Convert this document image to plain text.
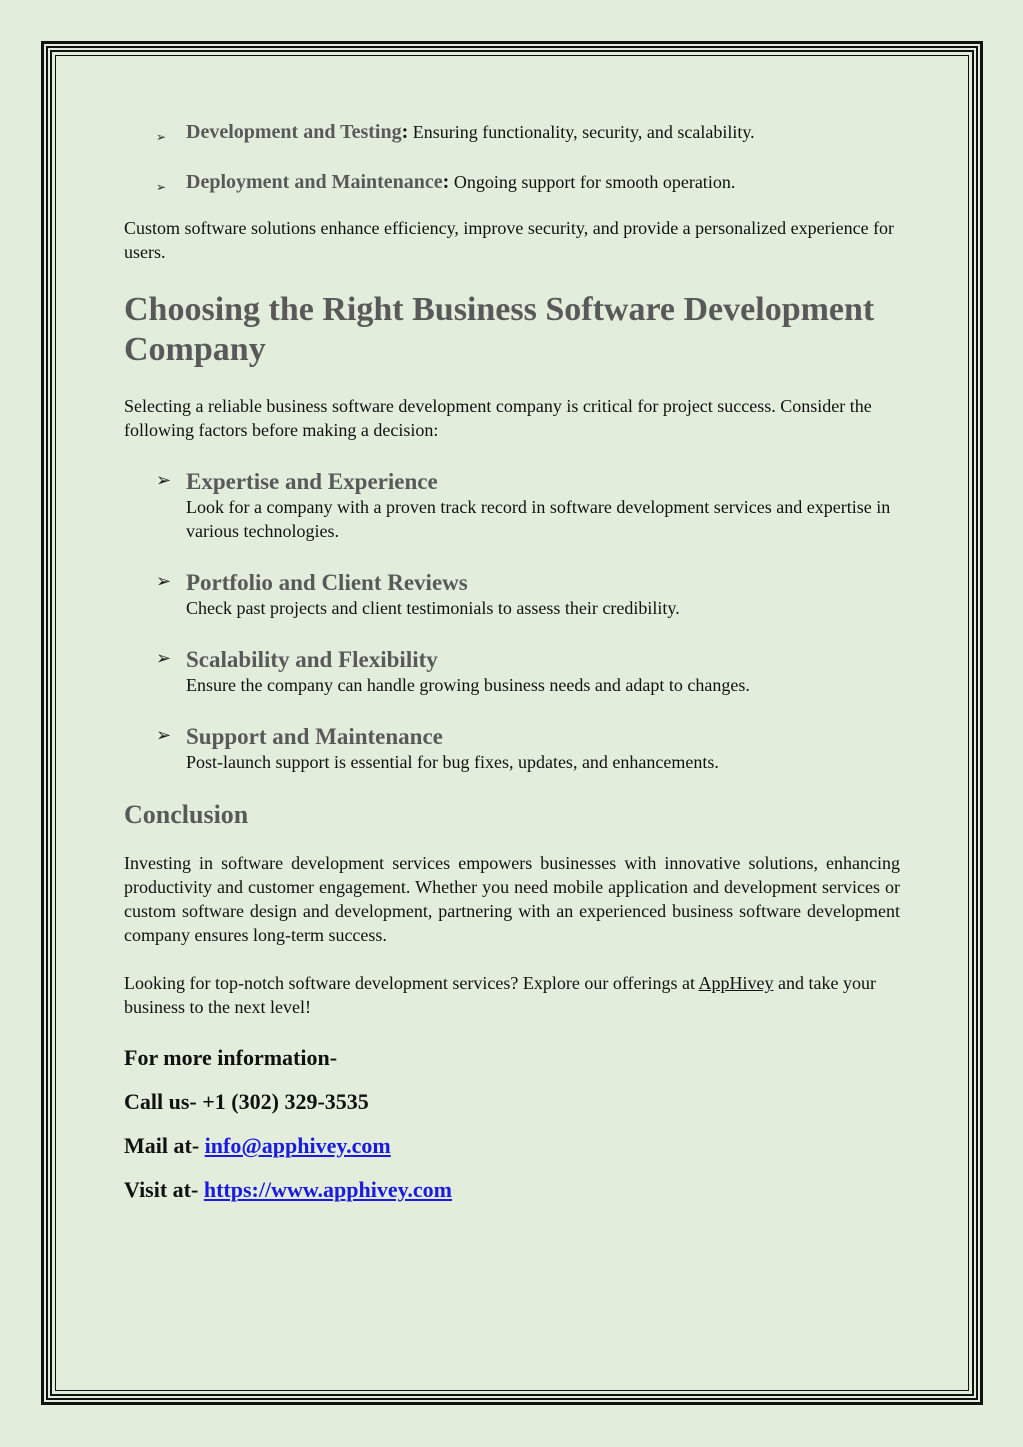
➢ Development and Testing: Ensuring functionality, security, and scalability.
➢ Deployment and Maintenance: Ongoing support for smooth operation.

Custom software solutions enhance efficiency, improve security, and provide a personalized experience for users.

Choosing the Right Business Software Development Company

Selecting a reliable business software development company is critical for project success. Consider the following factors before making a decision:

➢ Expertise and Experience
Look for a company with a proven track record in software development services and expertise in various technologies.
➢ Portfolio and Client Reviews
Check past projects and client testimonials to assess their credibility.
➢ Scalability and Flexibility
Ensure the company can handle growing business needs and adapt to changes.
➢ Support and Maintenance
Post-launch support is essential for bug fixes, updates, and enhancements.
Conclusion

Investing in software development services empowers businesses with innovative solutions, enhancing productivity and customer engagement. Whether you need mobile application and development services or custom software design and development, partnering with an experienced business software development company ensures long-term success.

Looking for top-notch software development services? Explore our offerings at AppHivey and take your business to the next level!

For more information-

Call us- +1 (302) 329-3535

Mail at- info@apphivey.com

Visit at- https://www.apphivey.com
